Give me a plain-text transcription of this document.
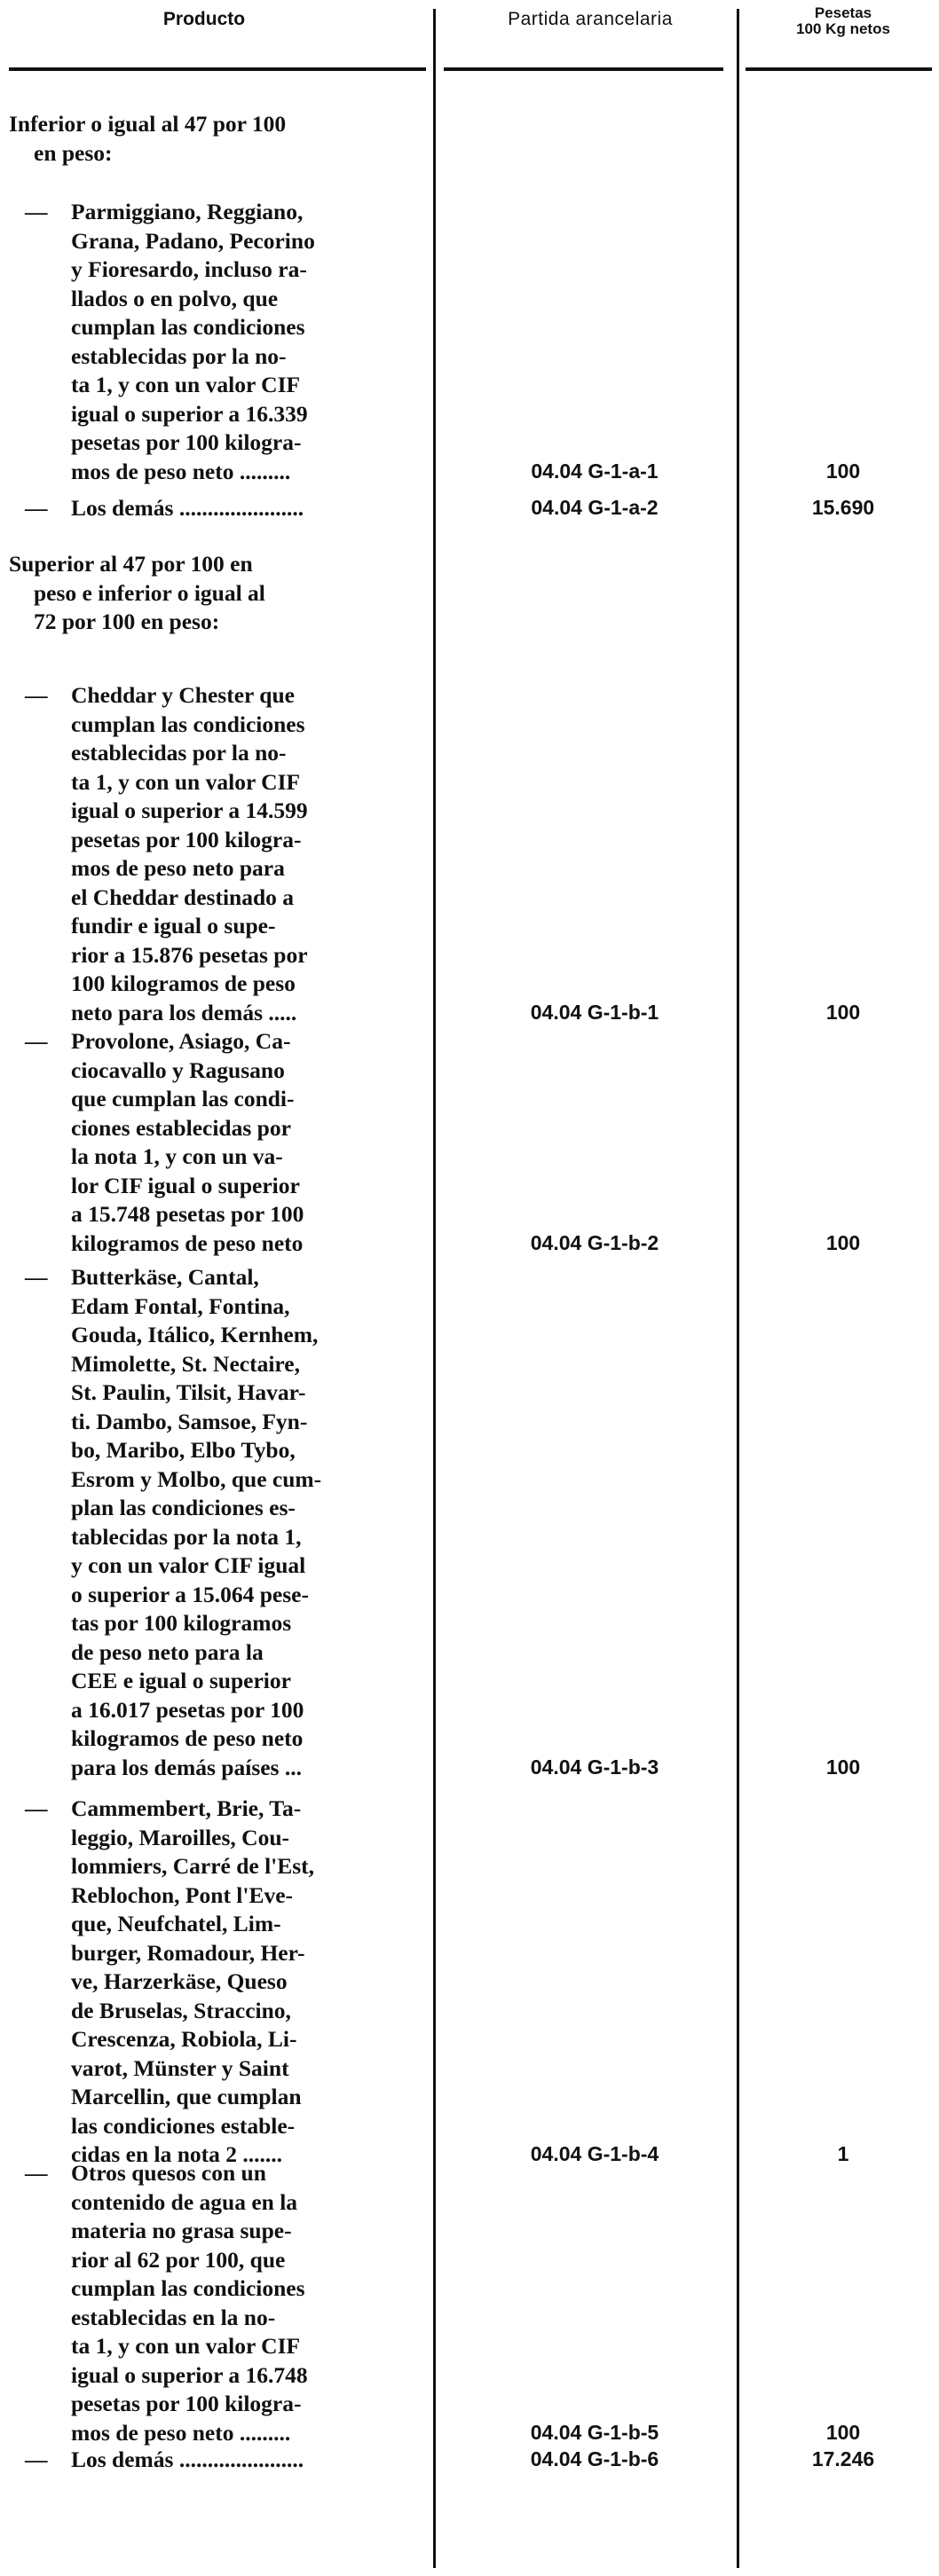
Producto	Partida arancelaria	Pesetas
100 Kg netos
Inferior o igual al 47 por 100
en peso:
Superior al 47 por 100 en
peso e inferior o igual al
72 por 100 en peso:
— Parmiggiano, Reggiano,
Grana, Padano, Pecorino
y Fioresardo, incluso ra-
llados o en polvo, que
cumplan las condiciones
establecidas por la no-
ta 1, y con un valor CIF
igual o superior a 16.339
pesetas por 100 kilogra-
mos de peso neto .........	04.04 G-1-a-1	100
— Los demás ......................	04.04 G-1-a-2	15.690
— Cheddar y Chester que
cumplan las condiciones
establecidas por la no-
ta 1, y con un valor CIF
igual o superior a 14.599
pesetas por 100 kilogra-
mos de peso neto para
el Cheddar destinado a
fundir e igual o supe-
rior a 15.876 pesetas por
100 kilogramos de peso
neto para los demás .....	04.04 G-1-b-1	100
— Provolone, Asiago, Ca-
ciocavallo y Ragusano
que cumplan las condi-
ciones establecidas por
la nota 1, y con un va-
lor CIF igual o superior
a 15.748 pesetas por 100
kilogramos de peso neto	04.04 G-1-b-2	100
— Butterkäse, Cantal,
Edam Fontal, Fontina,
Gouda, Itálico, Kernhem,
Mimolette, St. Nectaire,
St. Paulin, Tilsit, Havar-
ti. Dambo, Samsoe, Fyn-
bo, Maribo, Elbo Tybo,
Esrom y Molbo, que cum-
plan las condiciones es-
tablecidas por la nota 1,
y con un valor CIF igual
o superior a 15.064 pese-
tas por 100 kilogramos
de peso neto para la
CEE e igual o superior
a 16.017 pesetas por 100
kilogramos de peso neto
para los demás países ...	04.04 G-1-b-3	100
— Cammembert, Brie, Ta-
leggio, Maroilles, Cou-
lommiers, Carré de l'Est,
Reblochon, Pont l'Eve-
que, Neufchatel, Lim-
burger, Romadour, Her-
ve, Harzerkäse, Queso
de Bruselas, Straccino,
Crescenza, Robiola, Li-
varot, Münster y Saint
Marcellin, que cumplan
las condiciones estable-
cidas en la nota 2 .......	04.04 G-1-b-4	1
— Otros quesos con un
contenido de agua en la
materia no grasa supe-
rior al 62 por 100, que
cumplan las condiciones
establecidas en la no-
ta 1, y con un valor CIF
igual o superior a 16.748
pesetas por 100 kilogra-
mos de peso neto .........	04.04 G-1-b-5	100
— Los demás ......................	04.04 G-1-b-6	17.246
